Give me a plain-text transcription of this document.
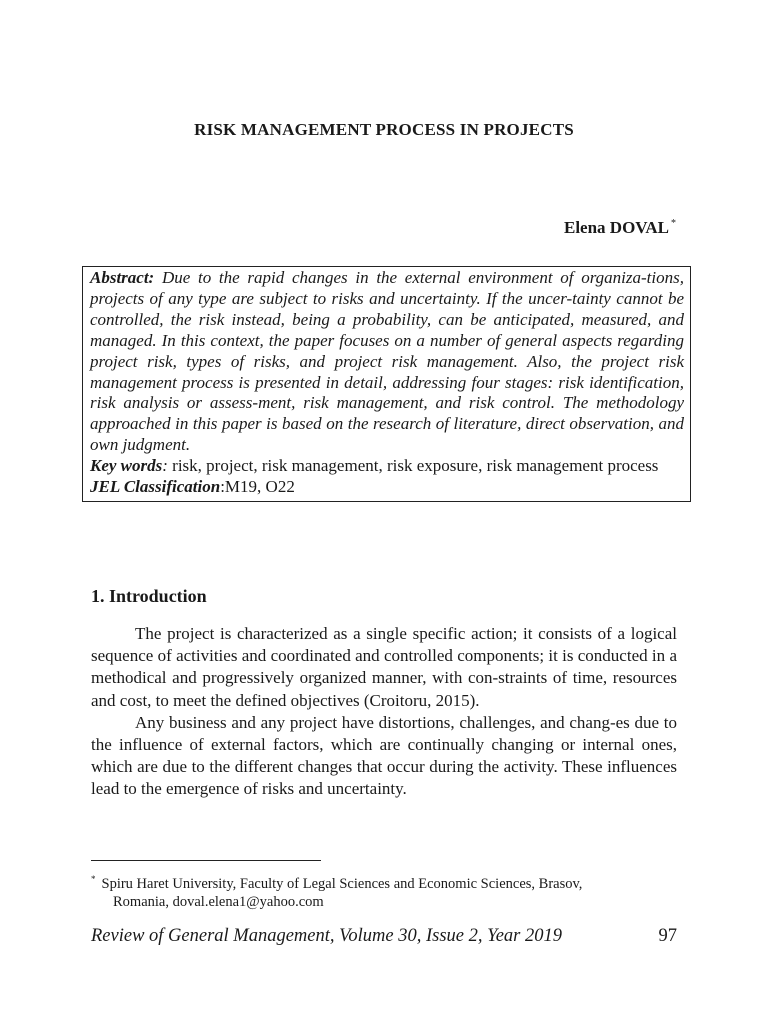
RISK MANAGEMENT PROCESS IN PROJECTS
Elena DOVAL *

Abstract: Due to the rapid changes in the external environment of organiza-tions, projects of any type are subject to risks and uncertainty. If the uncer-tainty cannot be controlled, the risk instead, being a probability, can be anticipated, measured, and managed. In this context, the paper focuses on a number of general aspects regarding project risk, types of risks, and project risk management. Also, the project risk management process is presented in detail, addressing four stages: risk identification, risk analysis or assess-ment, risk management, and risk control. The methodology approached in this paper is based on the research of literature, direct observation, and own judgment.

Key words: risk, project, risk management, risk exposure, risk management process

JEL Classification:M19, O22

1. Introduction

The project is characterized as a single specific action; it consists of a logical sequence of activities and coordinated and controlled components; it is conducted in a methodical and progressively organized manner, with con-straints of time, resources and cost, to meet the defined objectives (Croitoru, 2015).

Any business and any project have distortions, challenges, and chang-es due to the influence of external factors, which are continually changing or internal ones, which are due to the different changes that occur during the activity. These influences lead to the emergence of risks and uncertainty.

* Spiru Haret University, Faculty of Legal Sciences and Economic Sciences, Brasov,
Romania, doval.elena1@yahoo.com
Review of General Management, Volume 30, Issue 2, Year 2019	97
